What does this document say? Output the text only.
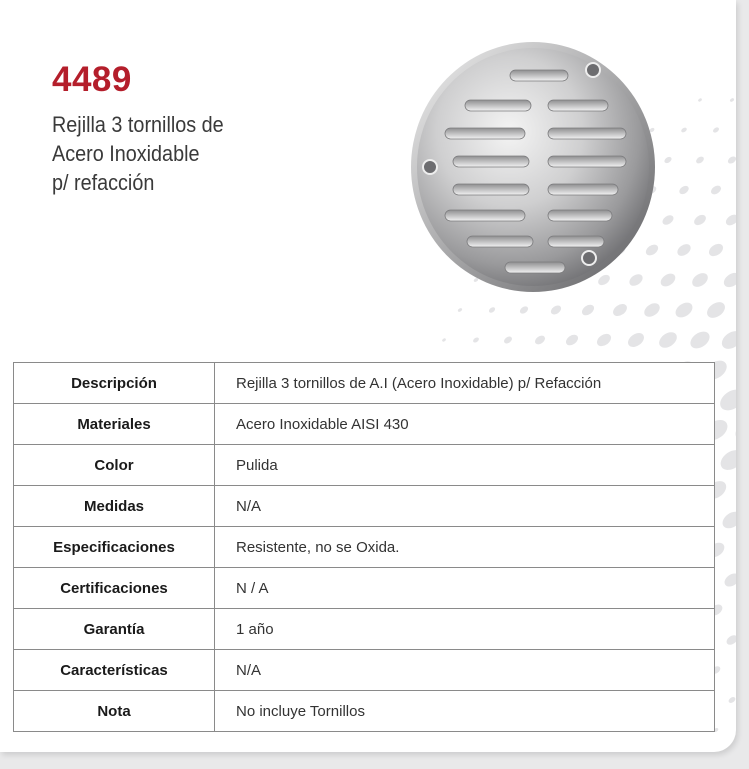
4489
Rejilla 3 tornillos de
Acero Inoxidable
p/ refacción
Descripción	Rejilla 3 tornillos de A.I (Acero Inoxidable) p/ Refacción
Materiales	Acero Inoxidable AISI 430
Color	Pulida
Medidas	N/A
Especificaciones	Resistente, no se Oxida.
Certificaciones	N / A
Garantía	1 año
Características	N/A
Nota	No incluye Tornillos
